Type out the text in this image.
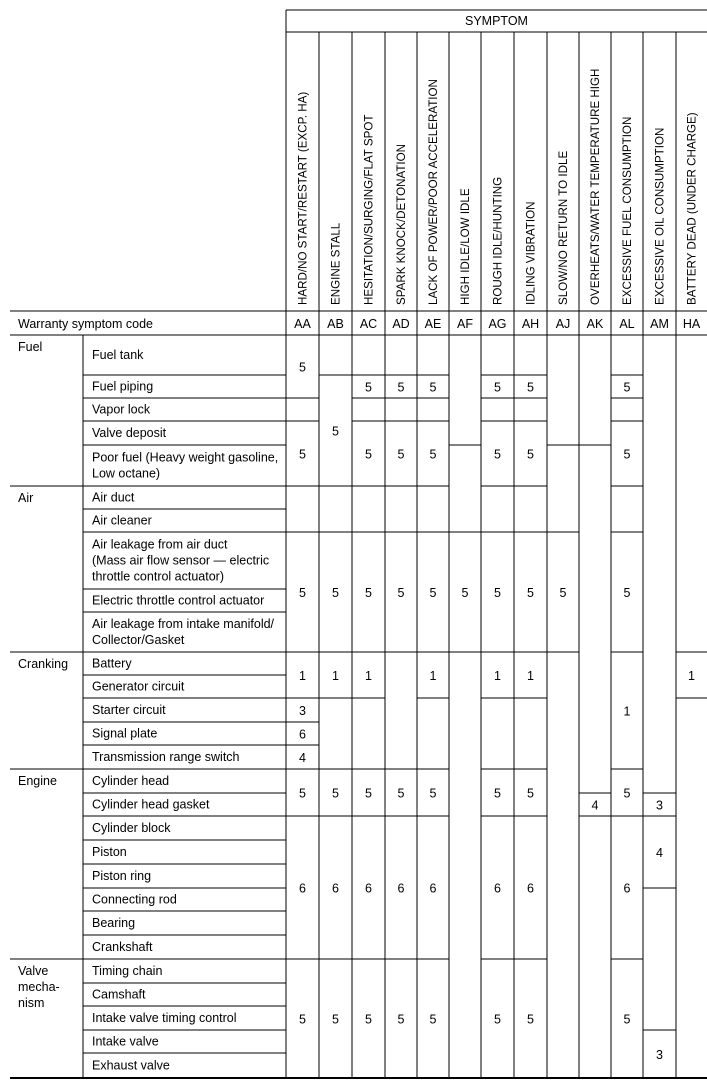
SYMPTOM
HARD/NO START/RESTART (EXCP. HA) ENGINE STALL HESITATION/SURGING/FLAT SPOT SPARK KNOCK/DETONATION LACK OF POWER/POOR ACCELERATION HIGH IDLE/LOW IDLE ROUGH IDLE/HUNTING IDLING VIBRATION SLOW/NO RETURN TO IDLE OVERHEATS/WATER TEMPERATURE HIGH EXCESSIVE FUEL CONSUMPTION EXCESSIVE OIL CONSUMPTION BATTERY DEAD (UNDER CHARGE)
Warranty symptom code	AA AB AC AD AE AF AG AH AJ AK AL AM HA
Fuel
Air
Cranking
Engine
Valve
mecha-
nism
Fuel tank
Fuel piping
Vapor lock
Valve deposit
Poor fuel (Heavy weight gasoline,
Low octane)
Air duct
Air cleaner
Air leakage from air duct
(Mass air flow sensor — electric
throttle control actuator)
Electric throttle control actuator
Air leakage from intake manifold/
Collector/Gasket
Battery
Generator circuit
Starter circuit
Signal plate
Transmission range switch
Cylinder head
Cylinder head gasket
Cylinder block
Piston
Piston ring
Connecting rod
Bearing
Crankshaft
Timing chain
Camshaft
Intake valve timing control
Intake valve
Exhaust valve
5
5
5
1
3
6
4
5
6
5
5
5
1
5
6
5
5
5
5
1
5
6
5
5
5
5
5
6
5
5
5
5
1
5
6
5
5
5
5
5
1
5
6
5
5
5
5
1
5
6
5
5
4
5
5
5
1
5
6
5
3
4
3
1
